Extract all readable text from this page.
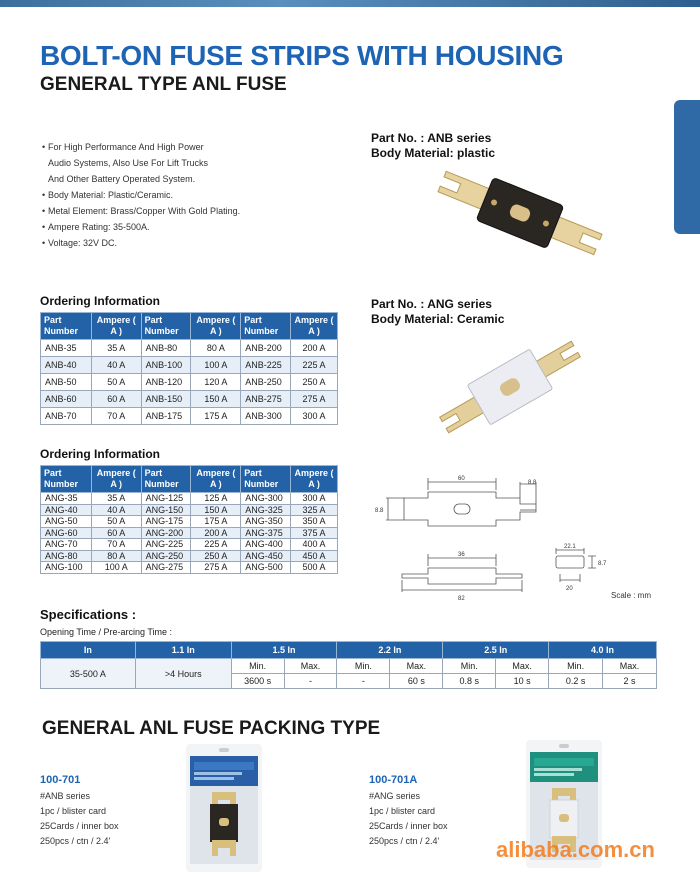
BOLT-ON FUSE STRIPS WITH HOUSING
GENERAL TYPE ANL FUSE
• For High Performance And High Power
Audio Systems, Also Use For Lift Trucks
And Other Battery Operated System.
• Body Material: Plastic/Ceramic.
• Metal Element: Brass/Copper With Gold Plating.
• Ampere Rating: 35-500A.
• Voltage: 32V DC.
Part No. : ANB series
Body Material: plastic
Part No. : ANG series
Body Material: Ceramic
Ordering Information
Part Number	Ampere ( A )	Part Number	Ampere ( A )	Part Number	Ampere ( A )
ANB-35	35 A	ANB-80	80 A	ANB-200	200 A
ANB-40	40 A	ANB-100	100 A	ANB-225	225 A
ANB-50	50 A	ANB-120	120 A	ANB-250	250 A
ANB-60	60 A	ANB-150	150 A	ANB-275	275 A
ANB-70	70 A	ANB-175	175 A	ANB-300	300 A
Ordering Information
Part Number	Ampere ( A )	Part Number	Ampere ( A )	Part Number	Ampere ( A )
ANG-35	35 A	ANG-125	125 A	ANG-300	300 A
ANG-40	40 A	ANG-150	150 A	ANG-325	325 A
ANG-50	50 A	ANG-175	175 A	ANG-350	350 A
ANG-60	60 A	ANG-200	200 A	ANG-375	375 A
ANG-70	70 A	ANG-225	225 A	ANG-400	400 A
ANG-80	80 A	ANG-250	250 A	ANG-450	450 A
ANG-100	100 A	ANG-275	275 A	ANG-500	500 A
60
8.8
8.8
36
82
22.1
8.7
20
Scale : mm
Specifications :
Opening Time / Pre-arcing Time :
In	1.1 In	1.5 In		2.2 In		2.5 In		4.0 In	
35-500 A	>4 Hours	Min.	Max.	Min.	Max.	Min.	Max.	Min.	Max.
		3600 s	-	-	60 s	0.8 s	10 s	0.2 s	2 s
GENERAL ANL FUSE PACKING TYPE
100-701
#ANB series
1pc / blister card
25Cards / inner box
250pcs / ctn / 2.4'
100-701A
#ANG series
1pc / blister card
25Cards / inner box
250pcs / ctn / 2.4'	alibaba.com.cn
